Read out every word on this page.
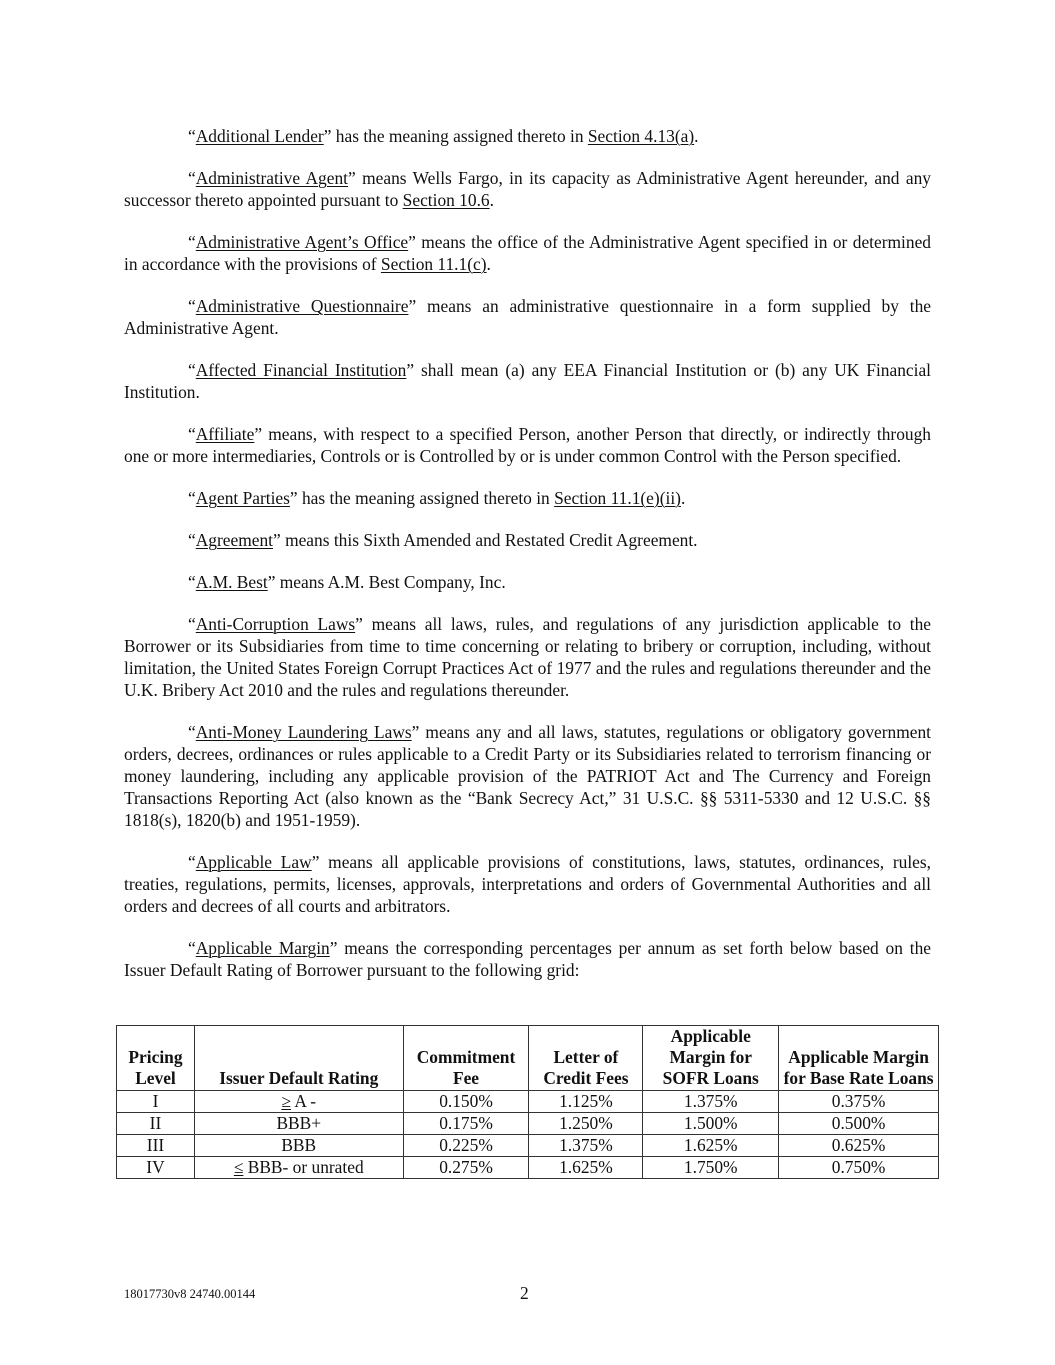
“Additional Lender” has the meaning assigned thereto in Section 4.13(a).

“Administrative Agent” means Wells Fargo, in its capacity as Administrative Agent hereunder, and any successor thereto appointed pursuant to Section 10.6.

“Administrative Agent’s Office” means the office of the Administrative Agent specified in or determined in accordance with the provisions of Section 11.1(c).

“Administrative Questionnaire” means an administrative questionnaire in a form supplied by the Administrative Agent.

“Affected Financial Institution” shall mean (a) any EEA Financial Institution or (b) any UK Financial Institution.

“Affiliate” means, with respect to a specified Person, another Person that directly, or indirectly through one or more intermediaries, Controls or is Controlled by or is under common Control with the Person specified.

“Agent Parties” has the meaning assigned thereto in Section 11.1(e)(ii).

“Agreement” means this Sixth Amended and Restated Credit Agreement.

“A.M. Best” means A.M. Best Company, Inc.

“Anti-Corruption Laws” means all laws, rules, and regulations of any jurisdiction applicable to the Borrower or its Subsidiaries from time to time concerning or relating to bribery or corruption, including, without limitation, the United States Foreign Corrupt Practices Act of 1977 and the rules and regulations thereunder and the U.K. Bribery Act 2010 and the rules and regulations thereunder.

“Anti-Money Laundering Laws” means any and all laws, statutes, regulations or obligatory government orders, decrees, ordinances or rules applicable to a Credit Party or its Subsidiaries related to terrorism financing or money laundering, including any applicable provision of the PATRIOT Act and The Currency and Foreign Transactions Reporting Act (also known as the “Bank Secrecy Act,” 31 U.S.C. §§ 5311-5330 and 12 U.S.C. §§ 1818(s), 1820(b) and 1951-1959).

“Applicable Law” means all applicable provisions of constitutions, laws, statutes, ordinances, rules, treaties, regulations, permits, licenses, approvals, interpretations and orders of Governmental Authorities and all orders and decrees of all courts and arbitrators.

“Applicable Margin” means the corresponding percentages per annum as set forth below based on the Issuer Default Rating of Borrower pursuant to the following grid:

Pricing Level	Issuer Default Rating	Commitment Fee	Letter of Credit Fees	Applicable Margin for SOFR Loans	Applicable Margin for Base Rate Loans
I	≥ A -	0.150%	1.125%	1.375%	0.375%
II	BBB+	0.175%	1.250%	1.500%	0.500%
III	BBB	0.225%	1.375%	1.625%	0.625%
IV	≤ BBB- or unrated	0.275%	1.625%	1.750%	0.750%
18017730v8 24740.00144	2
